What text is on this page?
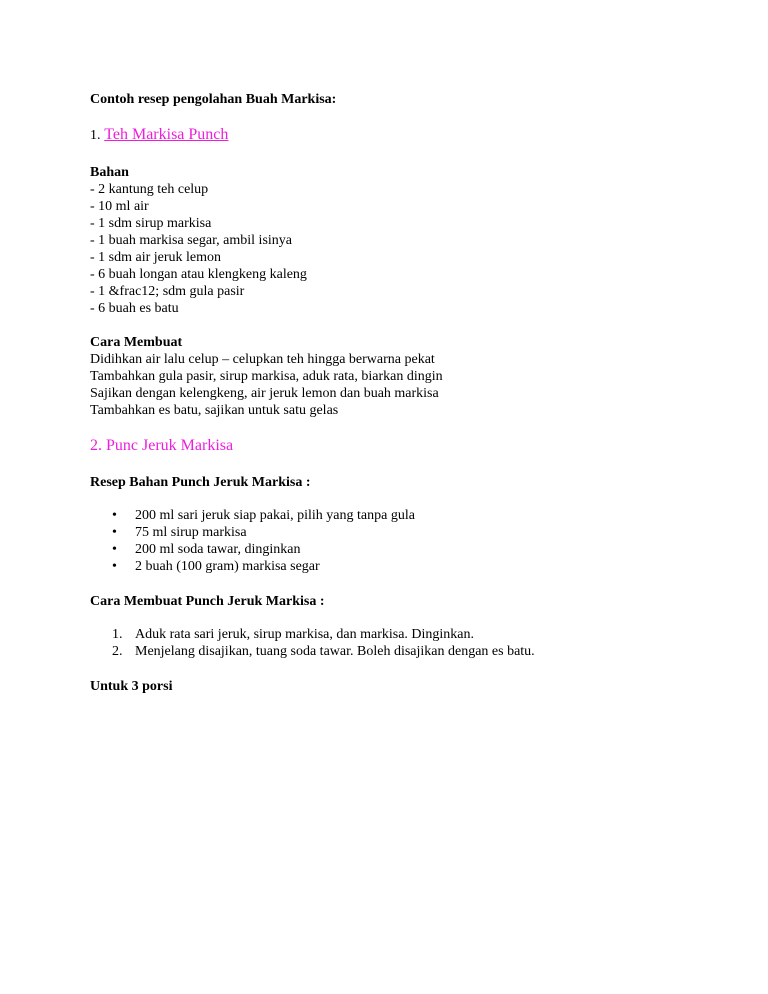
Contoh resep pengolahan Buah Markisa:

1. Teh Markisa Punch
Bahan
- 2 kantung teh celup
- 10 ml air
- 1 sdm sirup markisa
- 1 buah markisa segar, ambil isinya
- 1 sdm air jeruk lemon
- 6 buah longan atau klengkeng kaleng
- 1 &frac12; sdm gula pasir
- 6 buah es batu
Cara Membuat
Didihkan air lalu celup – celupkan teh hingga berwarna pekat
Tambahkan gula pasir, sirup markisa, aduk rata, biarkan dingin
Sajikan dengan kelengkeng, air jeruk lemon dan buah markisa
Tambahkan es batu, sajikan untuk satu gelas
2. Punc Jeruk Markisa
Resep Bahan Punch Jeruk Markisa :
• 200 ml sari jeruk siap pakai, pilih yang tanpa gula
• 75 ml sirup markisa
• 200 ml soda tawar, dinginkan
• 2 buah (100 gram) markisa segar
Cara Membuat Punch Jeruk Markisa :
1. Aduk rata sari jeruk, sirup markisa, dan markisa. Dinginkan.
2. Menjelang disajikan, tuang soda tawar. Boleh disajikan dengan es batu.
Untuk 3 porsi
